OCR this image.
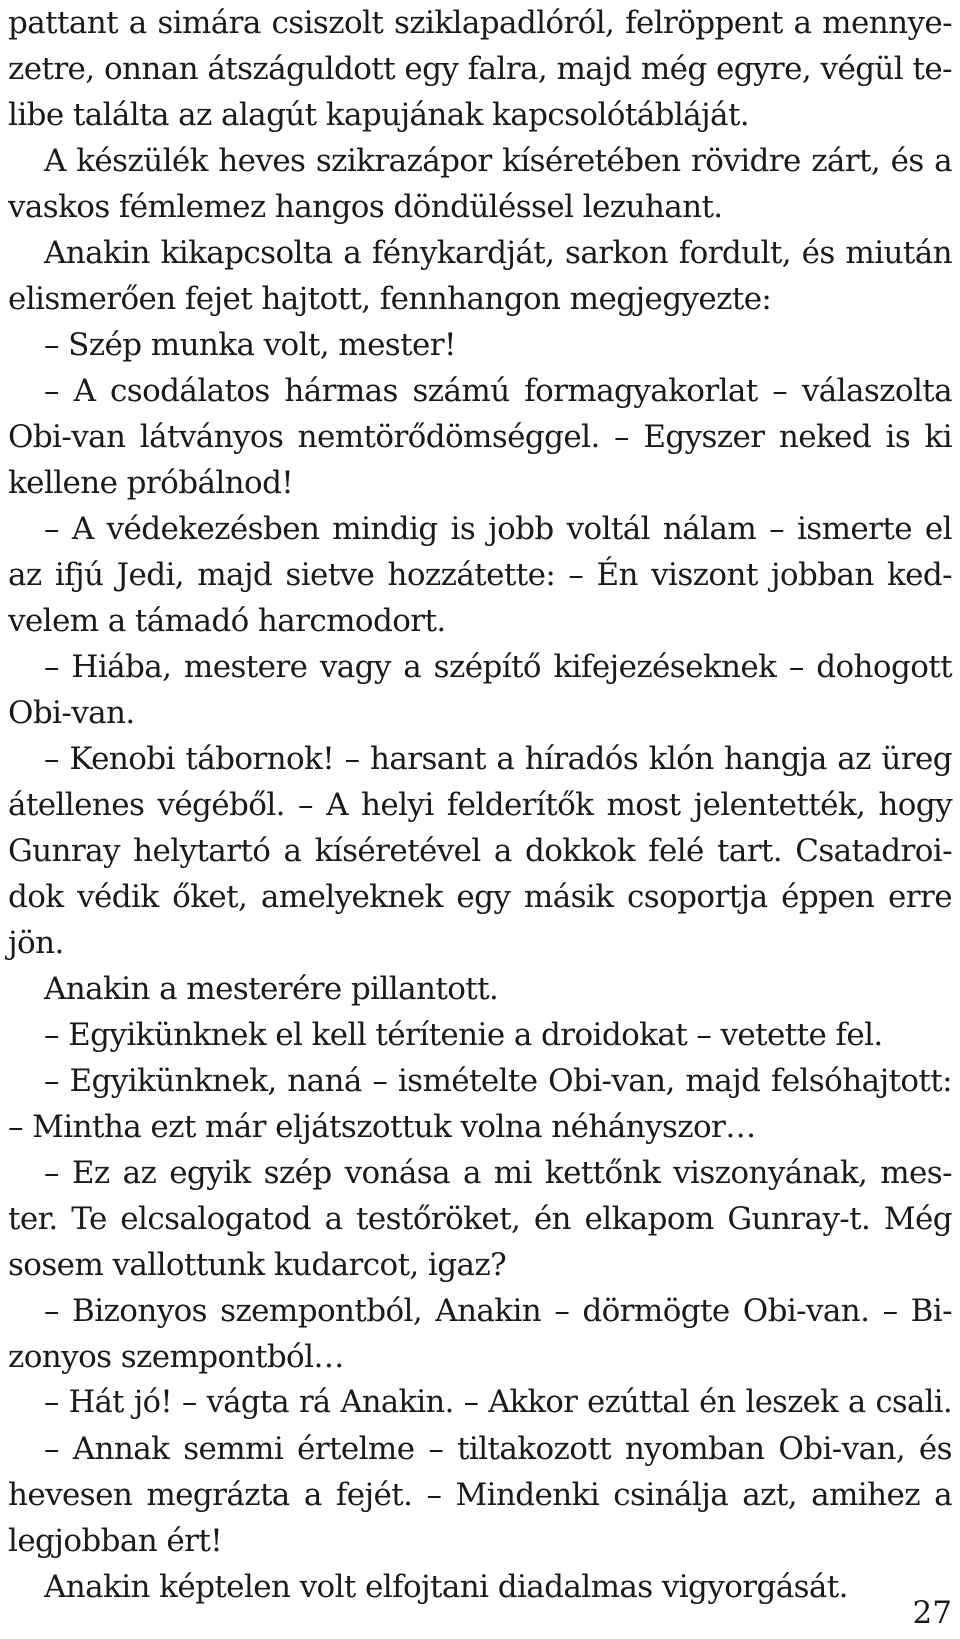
pattant a simára csiszolt sziklapadlóról, felröppent a mennye-
zetre, onnan átszáguldott egy falra, majd még egyre, végül te-
libe találta az alagút kapujának kapcsolótábláját.
A készülék heves szikrazápor kíséretében rövidre zárt, és a
vaskos fémlemez hangos döndüléssel lezuhant.
Anakin kikapcsolta a fénykardját, sarkon fordult, és miután
elismerően fejet hajtott, fennhangon megjegyezte:
– Szép munka volt, mester!
– A csodálatos hármas számú formagyakorlat – válaszolta
Obi-van látványos nemtörődömséggel. – Egyszer neked is ki
kellene próbálnod!
– A védekezésben mindig is jobb voltál nálam – ismerte el
az ifjú Jedi, majd sietve hozzátette: – Én viszont jobban ked-
velem a támadó harcmodort.
– Hiába, mestere vagy a szépítő kifejezéseknek – dohogott
Obi-van.
– Kenobi tábornok! – harsant a híradós klón hangja az üreg
átellenes végéből. – A helyi felderítők most jelentették, hogy
Gunray helytartó a kíséretével a dokkok felé tart. Csatadroi-
dok védik őket, amelyeknek egy másik csoportja éppen erre
jön.
Anakin a mesterére pillantott.
– Egyikünknek el kell térítenie a droidokat – vetette fel.
– Egyikünknek, naná – ismételte Obi-van, majd felsóhajtott:
– Mintha ezt már eljátszottuk volna néhányszor…
– Ez az egyik szép vonása a mi kettőnk viszonyának, mes-
ter. Te elcsalogatod a testőröket, én elkapom Gunray-t. Még
sosem vallottunk kudarcot, igaz?
– Bizonyos szempontból, Anakin – dörmögte Obi-van. – Bi-
zonyos szempontból…
– Hát jó! – vágta rá Anakin. – Akkor ezúttal én leszek a csali.
– Annak semmi értelme – tiltakozott nyomban Obi-van, és
hevesen megrázta a fejét. – Mindenki csinálja azt, amihez a
legjobban ért!
Anakin képtelen volt elfojtani diadalmas vigyorgását.
27
